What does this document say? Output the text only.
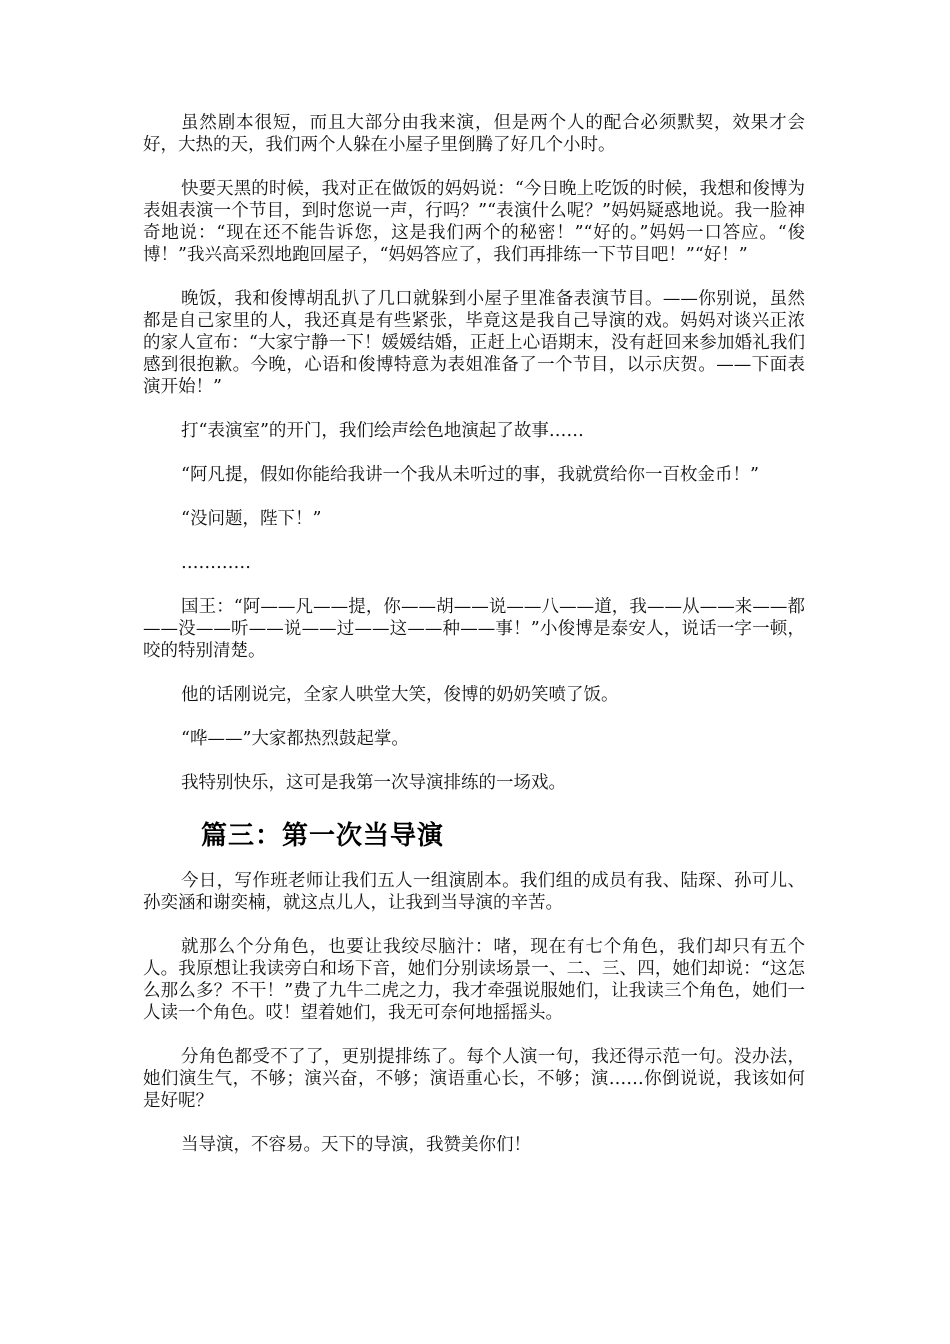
虽然剧本很短，而且大部分由我来演，但是两个人的配合必须默契，效果才会好，大热的天，我们两个人躲在小屋子里倒腾了好几个小时。

快要天黑的时候，我对正在做饭的妈妈说：“今日晚上吃饭的时候，我想和俊博为表姐表演一个节目，到时您说一声，行吗？”“表演什么呢？”妈妈疑惑地说。我一脸神奇地说：“现在还不能告诉您，这是我们两个的秘密！”“好的。”妈妈一口答应。“俊博！”我兴高采烈地跑回屋子，“妈妈答应了，我们再排练一下节目吧！”“好！”

晚饭，我和俊博胡乱扒了几口就躲到小屋子里准备表演节目。——你别说，虽然都是自己家里的人，我还真是有些紧张，毕竟这是我自己导演的戏。妈妈对谈兴正浓的家人宣布：“大家宁静一下！媛媛结婚，正赶上心语期末，没有赶回来参加婚礼我们感到很抱歉。今晚，心语和俊博特意为表姐准备了一个节目，以示庆贺。——下面表演开始！”

打“表演室”的开门，我们绘声绘色地演起了故事……

“阿凡提，假如你能给我讲一个我从未听过的事，我就赏给你一百枚金币！”

“没问题，陛下！”

…………

国王：“阿——凡——提，你——胡——说——八——道，我——从——来——都——没——听——说——过——这——种——事！”小俊博是泰安人，说话一字一顿，咬的特别清楚。

他的话刚说完，全家人哄堂大笑，俊博的奶奶笑喷了饭。

“哗——”大家都热烈鼓起掌。

我特别快乐，这可是我第一次导演排练的一场戏。

篇三：第一次当导演

今日，写作班老师让我们五人一组演剧本。我们组的成员有我、陆琛、孙可儿、孙奕涵和谢奕楠，就这点儿人，让我到当导演的辛苦。

就那么个分角色，也要让我绞尽脑汁：啫，现在有七个角色，我们却只有五个人。我原想让我读旁白和场下音，她们分别读场景一、二、三、四，她们却说：“这怎么那么多？不干！”费了九牛二虎之力，我才牵强说服她们，让我读三个角色，她们一人读一个角色。哎！望着她们，我无可奈何地摇摇头。

分角色都受不了了，更别提排练了。每个人演一句，我还得示范一句。没办法，她们演生气，不够；演兴奋，不够；演语重心长，不够；演……你倒说说，我该如何是好呢？

当导演，不容易。天下的导演，我赞美你们！
